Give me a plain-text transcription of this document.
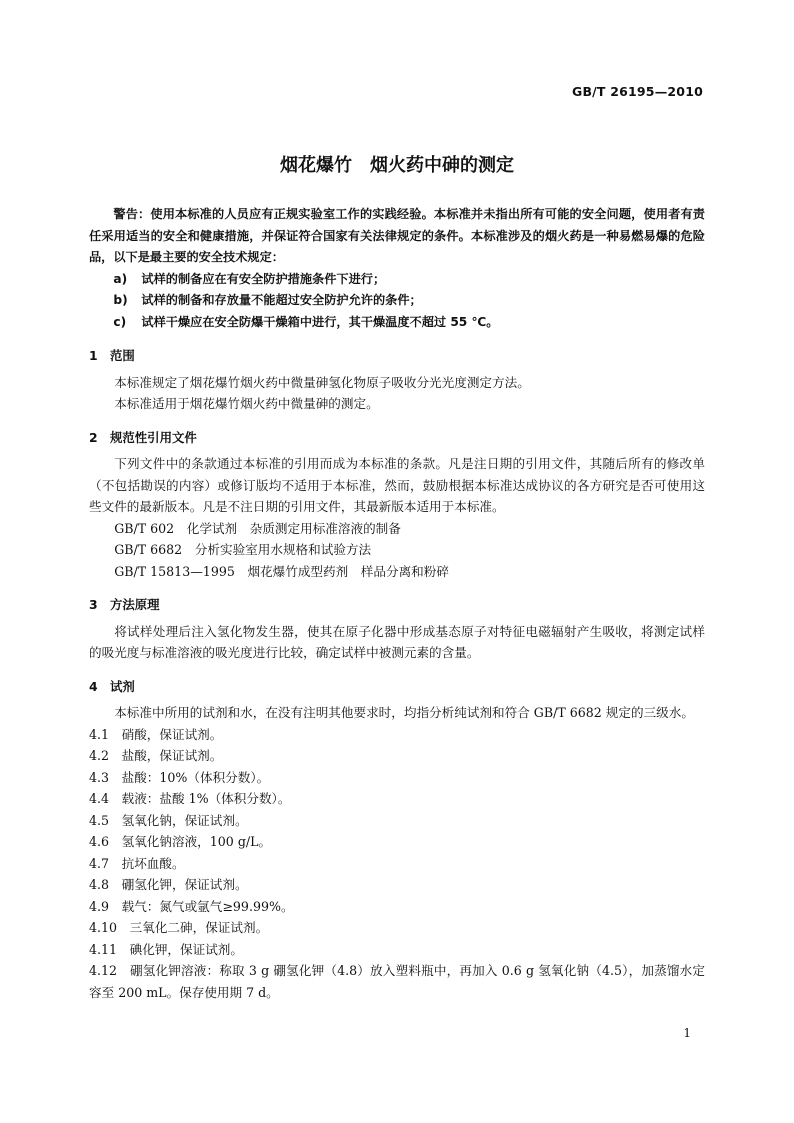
GB/T 26195—2010
烟花爆竹　烟火药中砷的测定

警告：使用本标准的人员应有正规实验室工作的实践经验。本标准并未指出所有可能的安全问题，使用者有责任采用适当的安全和健康措施，并保证符合国家有关法律规定的条件。本标准涉及的烟火药是一种易燃易爆的危险品，以下是最主要的安全技术规定：

a) 试样的制备应在有安全防护措施条件下进行；

b) 试样的制备和存放量不能超过安全防护允许的条件；

c) 试样干燥应在安全防爆干燥箱中进行，其干燥温度不超过 55 ℃。

1　范围

本标准规定了烟花爆竹烟火药中微量砷氢化物原子吸收分光光度测定方法。

本标准适用于烟花爆竹烟火药中微量砷的测定。

2　规范性引用文件

下列文件中的条款通过本标准的引用而成为本标准的条款。凡是注日期的引用文件，其随后所有的修改单（不包括勘误的内容）或修订版均不适用于本标准，然而，鼓励根据本标准达成协议的各方研究是否可使用这些文件的最新版本。凡是不注日期的引用文件，其最新版本适用于本标准。

GB/T 602　化学试剂　杂质测定用标准溶液的制备

GB/T 6682　分析实验室用水规格和试验方法

GB/T 15813—1995　烟花爆竹成型药剂　样品分离和粉碎

3　方法原理

将试样处理后注入氢化物发生器，使其在原子化器中形成基态原子对特征电磁辐射产生吸收，将测定试样的吸光度与标准溶液的吸光度进行比较，确定试样中被测元素的含量。

4　试剂

本标准中所用的试剂和水，在没有注明其他要求时，均指分析纯试剂和符合 GB/T 6682 规定的三级水。

4.1　硝酸，保证试剂。

4.2　盐酸，保证试剂。

4.3　盐酸：10%（体积分数）。

4.4　载液：盐酸 1%（体积分数）。

4.5　氢氧化钠，保证试剂。

4.6　氢氧化钠溶液，100 g/L。

4.7　抗坏血酸。

4.8　硼氢化钾，保证试剂。

4.9　载气：氮气或氩气≥99.99%。

4.10　三氧化二砷，保证试剂。

4.11　碘化钾，保证试剂。

4.12　硼氢化钾溶液：称取 3 g 硼氢化钾（4.8）放入塑料瓶中，再加入 0.6 g 氢氧化钠（4.5），加蒸馏水定容至 200 mL。保存使用期 7 d。

1
